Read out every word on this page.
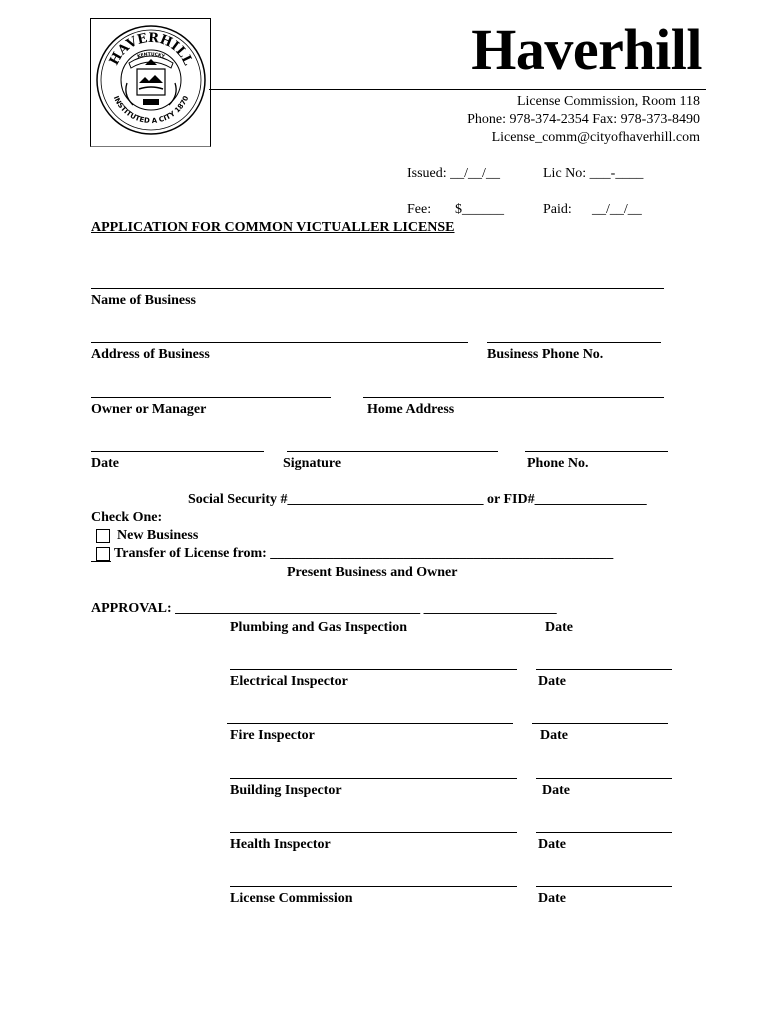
HAVERHILL
INSTITUTED A CITY 1870
KENTUCKY	Haverhill
License Commission, Room 118
Phone: 978-374-2354 Fax: 978-373-8490
License_comm@cityofhaverhill.com
Issued: __/__/__	Lic No: ___-____
Fee: $______	Paid: __/__/__
APPLICATION FOR COMMON VICTUALLER LICENSE
Name of Business
Address of Business	Business Phone No.
Owner or Manager	Home Address
Date	Signature	Phone No.
Social Security #____________________________ or FID#________________
Check One:
New Business
Transfer of License from: _________________________________________________
Present Business and Owner
APPROVAL: ___________________________________ ___________________
Plumbing and Gas Inspection	Date
Electrical Inspector	Date
Fire Inspector	Date
Building Inspector	Date
Health Inspector	Date
License Commission	Date
